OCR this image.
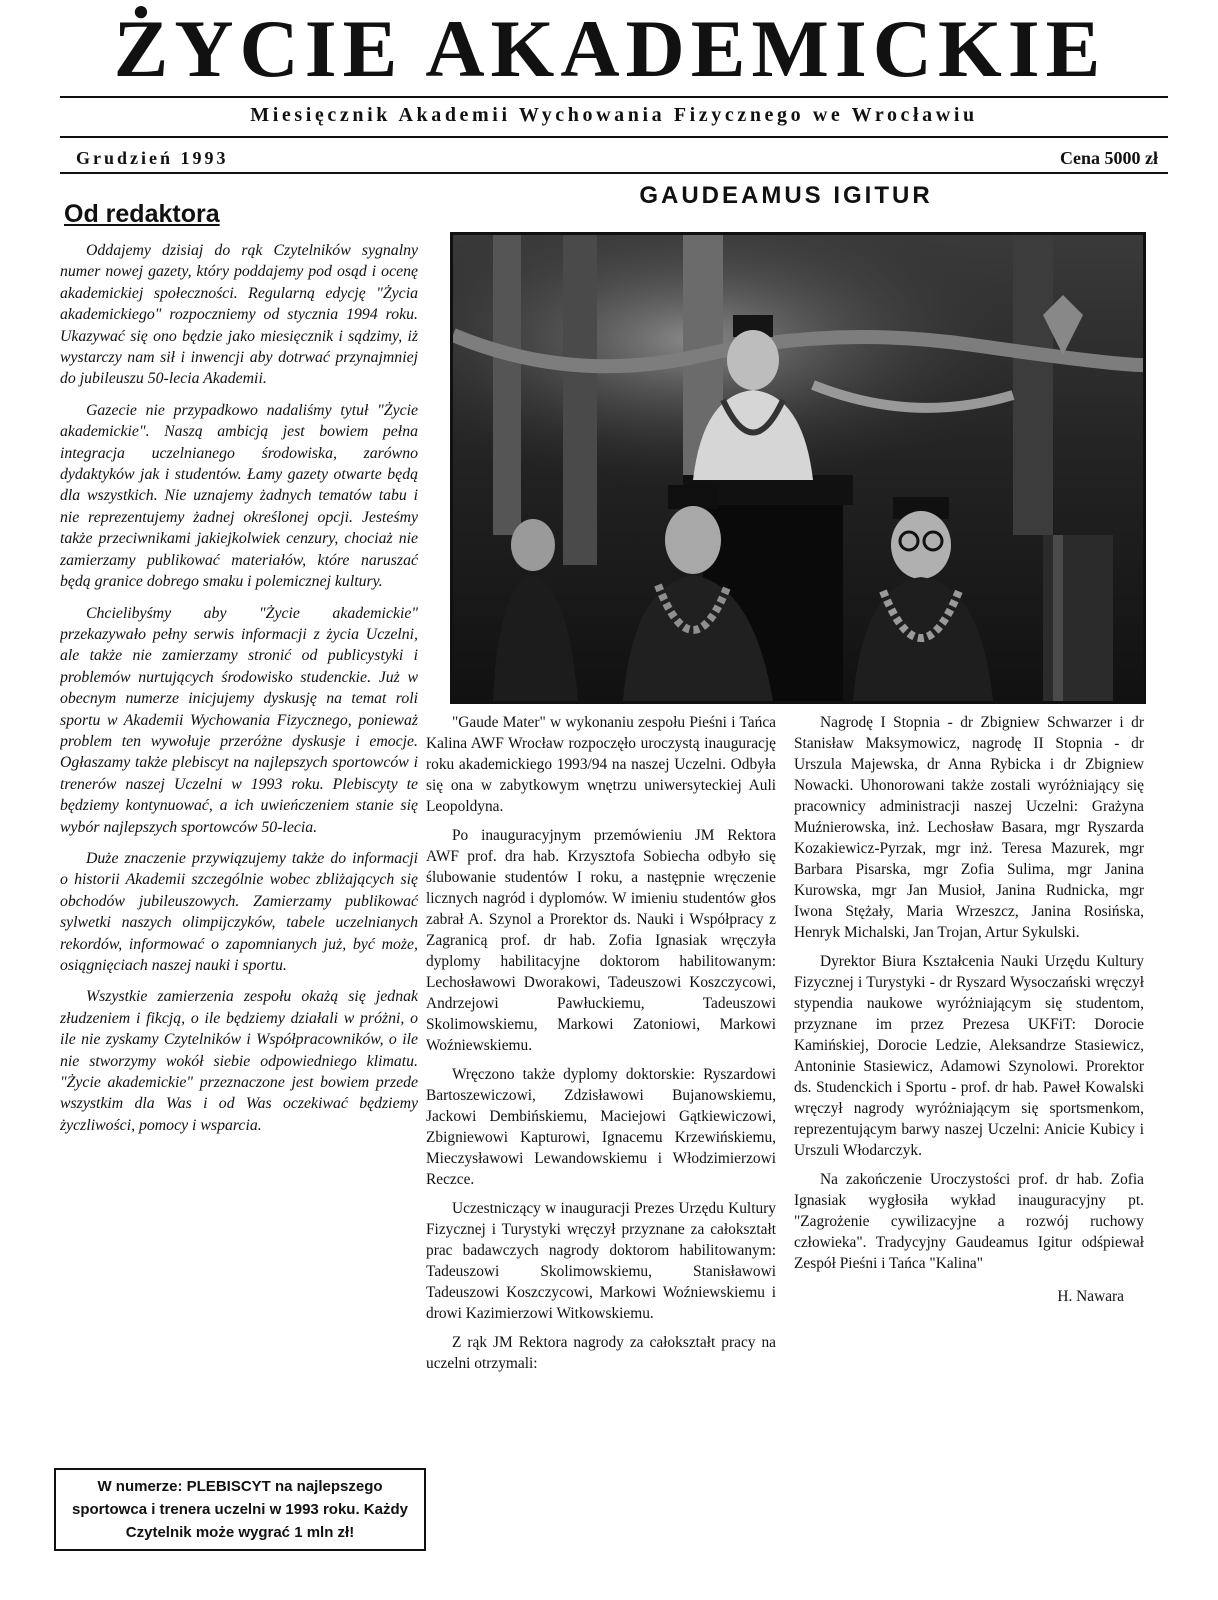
ŻYCIE AKADEMICKIE
Miesięcznik Akademii Wychowania Fizycznego we Wrocławiu
Grudzień 1993	Cena 5000 zł
Od redaktora

Oddajemy dzisiaj do rąk Czytelników sygnalny numer nowej gazety, który poddajemy pod osąd i ocenę akademickiej społeczności. Regularną edycję "Życia akademickiego" rozpoczniemy od stycznia 1994 roku. Ukazywać się ono będzie jako miesięcznik i sądzimy, iż wystarczy nam sił i inwencji aby dotrwać przynajmniej do jubileuszu 50-lecia Akademii.

Gazecie nie przypadkowo nadaliśmy tytuł "Życie akademickie". Naszą ambicją jest bowiem pełna integracja uczelnianego środowiska, zarówno dydaktyków jak i studentów. Łamy gazety otwarte będą dla wszystkich. Nie uznajemy żadnych tematów tabu i nie reprezentujemy żadnej określonej opcji. Jesteśmy także przeciwnikami jakiejkolwiek cenzury, chociaż nie zamierzamy publikować materiałów, które naruszać będą granice dobrego smaku i polemicznej kultury.

Chcielibyśmy aby "Życie akademickie" przekazywało pełny serwis informacji z życia Uczelni, ale także nie zamierzamy stronić od publicystyki i problemów nurtujących środowisko studenckie. Już w obecnym numerze inicjujemy dyskusję na temat roli sportu w Akademii Wychowania Fizycznego, ponieważ problem ten wywołuje przeróżne dyskusje i emocje. Ogłaszamy także plebiscyt na najlepszych sportowców i trenerów naszej Uczelni w 1993 roku. Plebiscyty te będziemy kontynuować, a ich uwieńczeniem stanie się wybór najlepszych sportowców 50-lecia.

Duże znaczenie przywiązujemy także do informacji o historii Akademii szczególnie wobec zbliżających się obchodów jubileuszowych. Zamierzamy publikować sylwetki naszych olimpijczyków, tabele uczelnianych rekordów, informować o zapomnianych już, być może, osiągnięciach naszej nauki i sportu.

Wszystkie zamierzenia zespołu okażą się jednak złudzeniem i fikcją, o ile będziemy działali w próżni, o ile nie zyskamy Czytelników i Współpracowników, o ile nie stworzymy wokół siebie odpowiedniego klimatu. "Życie akademickie" przeznaczone jest bowiem przede wszystkim dla Was i od Was oczekiwać będziemy życzliwości, pomocy i wsparcia.

W numerze: PLEBISCYT na najlepszego sportowca i trenera uczelni w 1993 roku. Każdy Czytelnik może wygrać 1 mln zł!
GAUDEAMUS IGITUR

"Gaude Mater" w wykonaniu zespołu Pieśni i Tańca Kalina AWF Wrocław rozpoczęło uroczystą inaugurację roku akademickiego 1993/94 na naszej Uczelni. Odbyła się ona w zabytkowym wnętrzu uniwersyteckiej Auli Leopoldyna.

Po inauguracyjnym przemówieniu JM Rektora AWF prof. dra hab. Krzysztofa Sobiecha odbyło się ślubowanie studentów I roku, a następnie wręczenie licznych nagród i dyplomów. W imieniu studentów głos zabrał A. Szynol a Prorektor ds. Nauki i Współpracy z Zagranicą prof. dr hab. Zofia Ignasiak wręczyła dyplomy habilitacyjne doktorom habilitowanym: Lechosławowi Dworakowi, Tadeuszowi Koszczycowi, Andrzejowi Pawłuckiemu, Tadeuszowi Skolimowskiemu, Markowi Zatoniowi, Markowi Woźniewskiemu.

Wręczono także dyplomy doktorskie: Ryszardowi Bartoszewiczowi, Zdzisławowi Bujanowskiemu, Jackowi Dembińskiemu, Maciejowi Gątkiewiczowi, Zbigniewowi Kapturowi, Ignacemu Krzewińskiemu, Mieczysławowi Lewandowskiemu i Włodzimierzowi Reczce.

Uczestniczący w inauguracji Prezes Urzędu Kultury Fizycznej i Turystyki wręczył przyznane za całokształt prac badawczych nagrody doktorom habilitowanym: Tadeuszowi Skolimowskiemu, Stanisławowi Tadeuszowi Koszczycowi, Markowi Woźniewskiemu i drowi Kazimierzowi Witkowskiemu.

Z rąk JM Rektora nagrody za całokształt pracy na uczelni otrzymali:

Nagrodę I Stopnia - dr Zbigniew Schwarzer i dr Stanisław Maksymowicz, nagrodę II Stopnia - dr Urszula Majewska, dr Anna Rybicka i dr Zbigniew Nowacki. Uhonorowani także zostali wyróżniający się pracownicy administracji naszej Uczelni: Grażyna Muźnierowska, inż. Lechosław Basara, mgr Ryszarda Kozakiewicz-Pyrzak, mgr inż. Teresa Mazurek, mgr Barbara Pisarska, mgr Zofia Sulima, mgr Janina Kurowska, mgr Jan Musioł, Janina Rudnicka, mgr Iwona Stężały, Maria Wrzeszcz, Janina Rosińska, Henryk Michalski, Jan Trojan, Artur Sykulski.

Dyrektor Biura Kształcenia Nauki Urzędu Kultury Fizycznej i Turystyki - dr Ryszard Wysoczański wręczył stypendia naukowe wyróżniającym się studentom, przyznane im przez Prezesa UKFiT: Dorocie Kamińskiej, Dorocie Ledzie, Aleksandrze Stasiewicz, Antoninie Stasiewicz, Adamowi Szynolowi. Prorektor ds. Studenckich i Sportu - prof. dr hab. Paweł Kowalski wręczył nagrody wyróżniającym się sportsmenkom, reprezentującym barwy naszej Uczelni: Anicie Kubicy i Urszuli Włodarczyk.

Na zakończenie Uroczystości prof. dr hab. Zofia Ignasiak wygłosiła wykład inauguracyjny pt. "Zagrożenie cywilizacyjne a rozwój ruchowy człowieka". Tradycyjny Gaudeamus Igitur odśpiewał Zespół Pieśni i Tańca "Kalina"

H. Nawara
